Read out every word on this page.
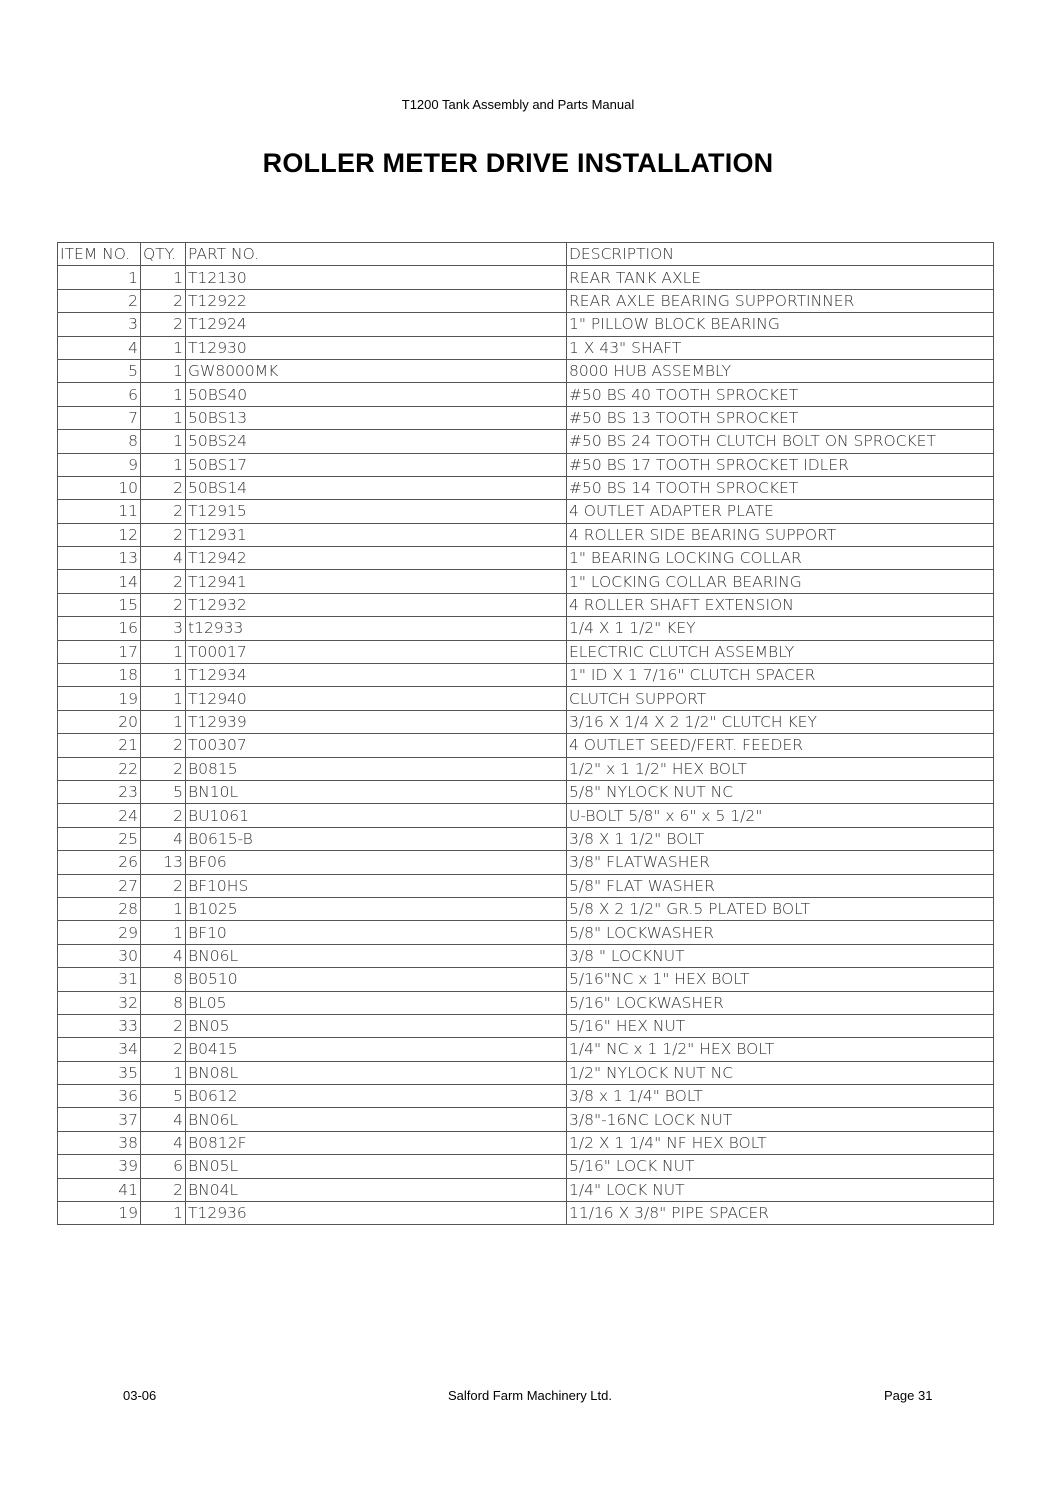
T1200 Tank Assembly and Parts Manual
ROLLER METER DRIVE INSTALLATION
ITEM NO.	QTY.	PART NO.	DESCRIPTION
1	1	T12130	REAR TANK AXLE
2	2	T12922	REAR AXLE BEARING SUPPORTINNER
3	2	T12924	1" PILLOW BLOCK BEARING
4	1	T12930	1 X 43" SHAFT
5	1	GW8000MK	8000 HUB ASSEMBLY
6	1	50BS40	#50 BS 40 TOOTH SPROCKET
7	1	50BS13	#50 BS 13 TOOTH SPROCKET
8	1	50BS24	#50 BS 24 TOOTH CLUTCH BOLT ON SPROCKET
9	1	50BS17	#50 BS 17 TOOTH SPROCKET IDLER
10	2	50BS14	#50 BS 14 TOOTH SPROCKET
11	2	T12915	4 OUTLET ADAPTER PLATE
12	2	T12931	4 ROLLER SIDE BEARING SUPPORT
13	4	T12942	1" BEARING LOCKING COLLAR
14	2	T12941	1" LOCKING COLLAR BEARING
15	2	T12932	4 ROLLER SHAFT EXTENSION
16	3	t12933	1/4 X 1 1/2" KEY
17	1	T00017	ELECTRIC CLUTCH ASSEMBLY
18	1	T12934	1" ID X 1 7/16" CLUTCH SPACER
19	1	T12940	CLUTCH SUPPORT
20	1	T12939	3/16 X 1/4 X 2 1/2" CLUTCH KEY
21	2	T00307	4 OUTLET SEED/FERT. FEEDER
22	2	B0815	1/2" x 1 1/2" HEX BOLT
23	5	BN10L	5/8" NYLOCK NUT NC
24	2	BU1061	U-BOLT 5/8" x 6" x 5 1/2"
25	4	B0615-B	3/8 X 1 1/2" BOLT
26	13	BF06	3/8" FLATWASHER
27	2	BF10HS	5/8" FLAT WASHER
28	1	B1025	5/8 X 2 1/2" GR.5 PLATED BOLT
29	1	BF10	5/8" LOCKWASHER
30	4	BN06L	3/8 " LOCKNUT
31	8	B0510	5/16"NC x 1" HEX BOLT
32	8	BL05	5/16" LOCKWASHER
33	2	BN05	5/16" HEX NUT
34	2	B0415	1/4" NC x 1 1/2" HEX BOLT
35	1	BN08L	1/2" NYLOCK NUT NC
36	5	B0612	3/8 x 1 1/4" BOLT
37	4	BN06L	3/8"-16NC LOCK NUT
38	4	B0812F	1/2 X 1 1/4" NF HEX BOLT
39	6	BN05L	5/16" LOCK NUT
41	2	BN04L	1/4" LOCK NUT
19	1	T12936	11/16 X 3/8" PIPE SPACER
03-06	Salford Farm Machinery Ltd.	Page 31
